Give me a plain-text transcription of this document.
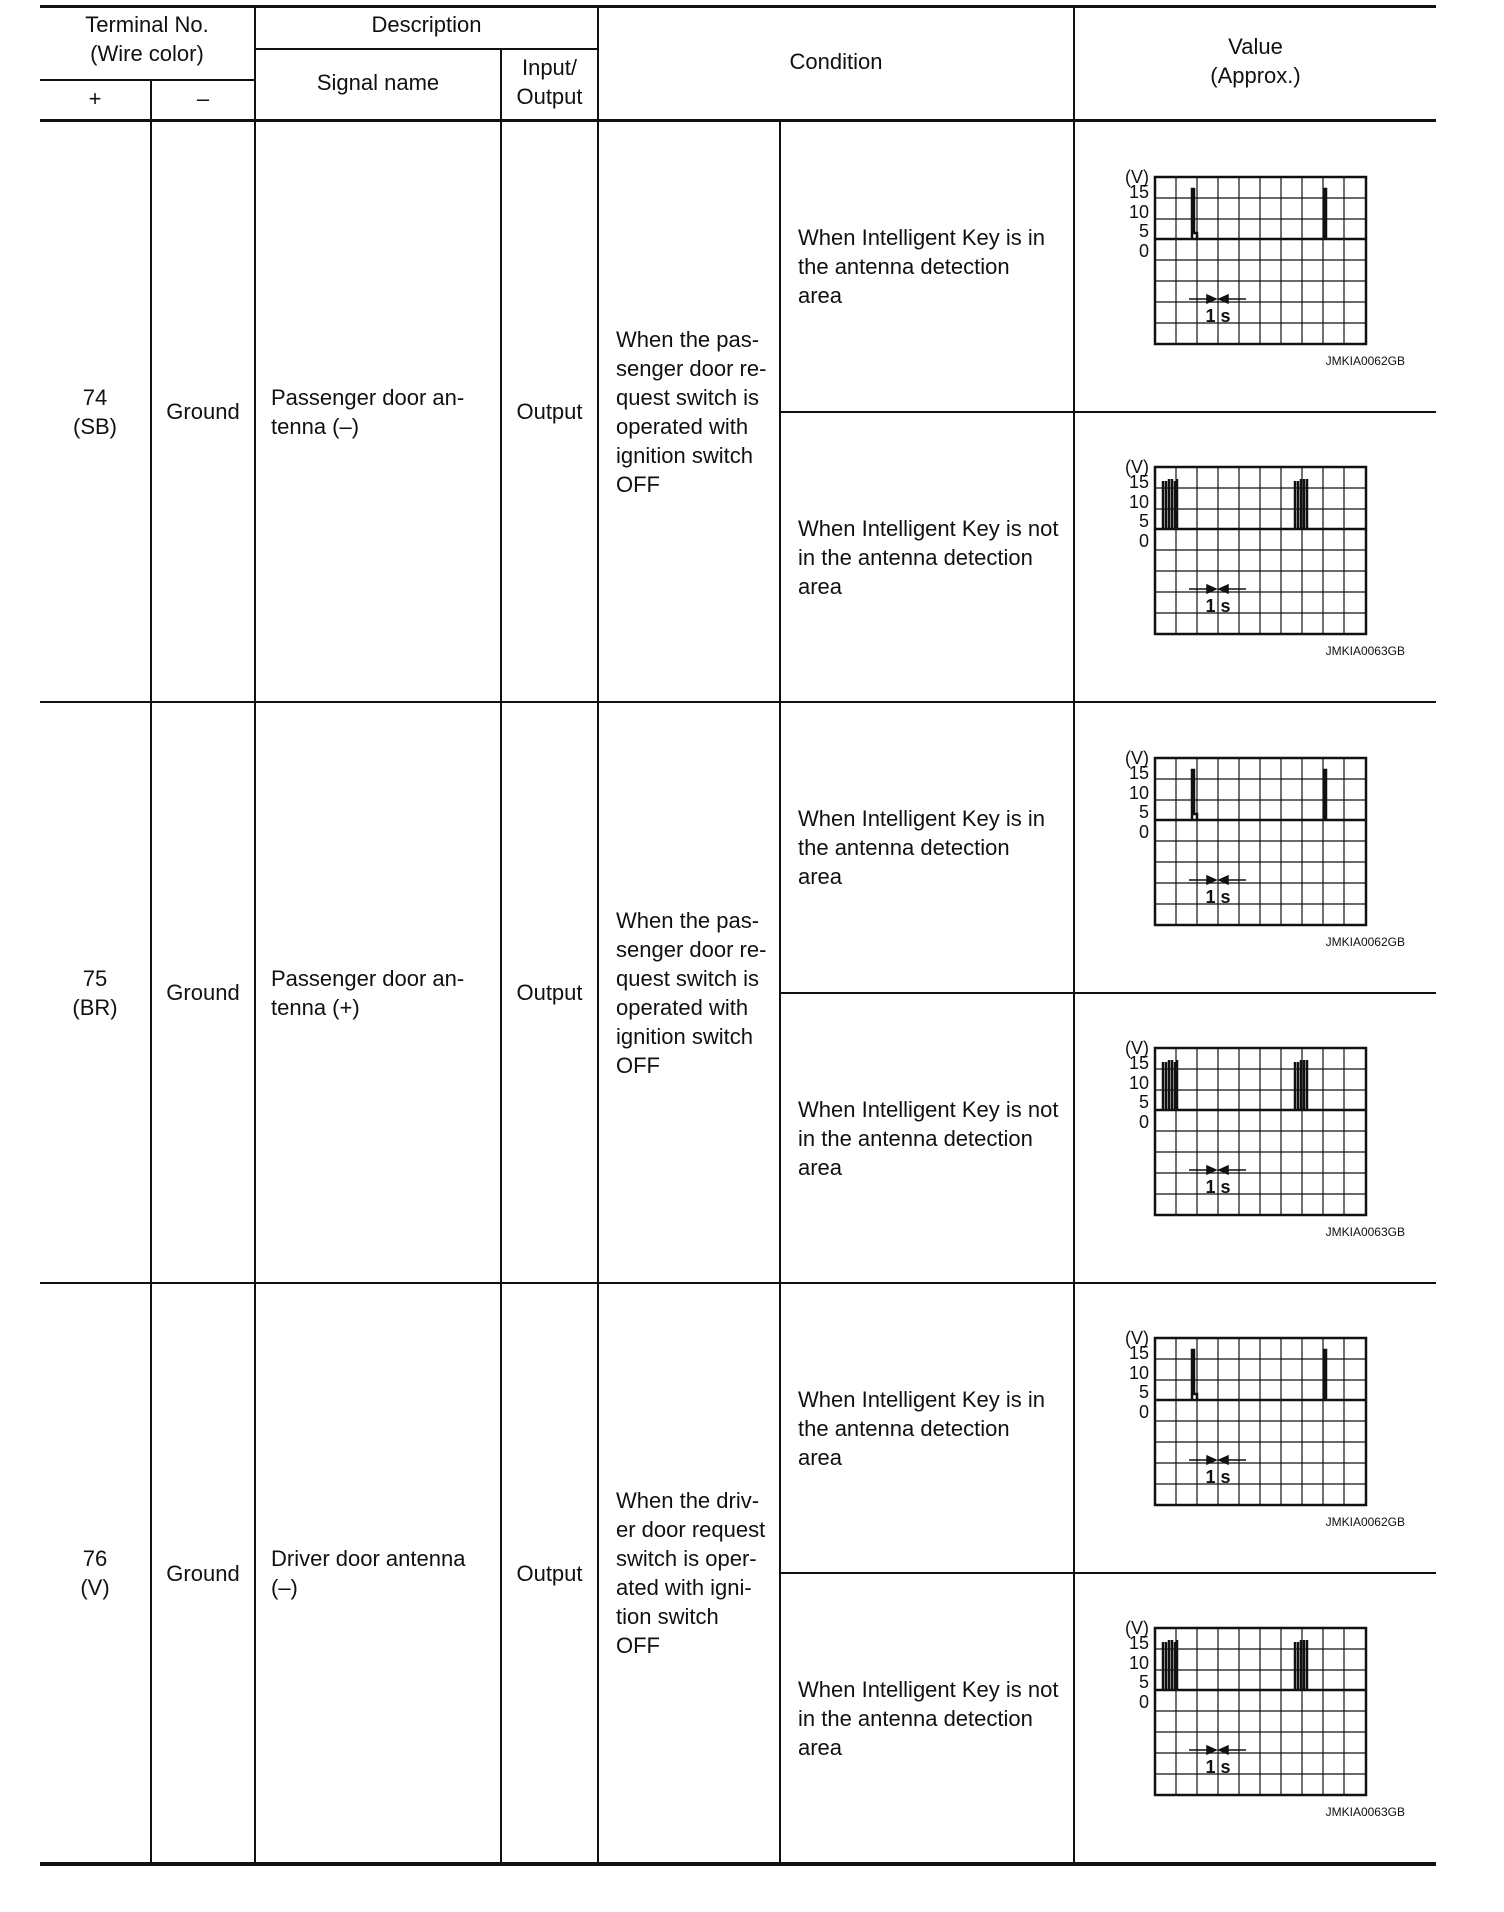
Terminal No.
(Wire color)
+	–
Description
Signal name
Input/
Output
Condition
Value
(Approx.)
74
(SB)
Ground
Passenger door an-
tenna (–)
Output
When the pas-
senger door re-
quest switch is
operated with
ignition switch
OFF
When Intelligent Key is in
the antenna detection
area
When Intelligent Key is not
in the antenna detection
area
75
(BR)
Ground
Passenger door an-
tenna (+)
Output
When the pas-
senger door re-
quest switch is
operated with
ignition switch
OFF
When Intelligent Key is in
the antenna detection
area
When Intelligent Key is not
in the antenna detection
area
76
(V)
Ground
Driver door antenna
(–)
Output
When the driv-
er door request
switch is oper-
ated with igni-
tion switch
OFF
When Intelligent Key is in
the antenna detection
area
When Intelligent Key is not
in the antenna detection
area
(V)
15
10
5
0
1 s
JMKIA0062GB
(V)
15
10
5
0
1 s
JMKIA0063GB
(V)
15
10
5
0
1 s
JMKIA0062GB
(V)
15
10
5
0
1 s
JMKIA0063GB
(V)
15
10
5
0
1 s
JMKIA0062GB
(V)
15
10
5
0
1 s
JMKIA0063GB
